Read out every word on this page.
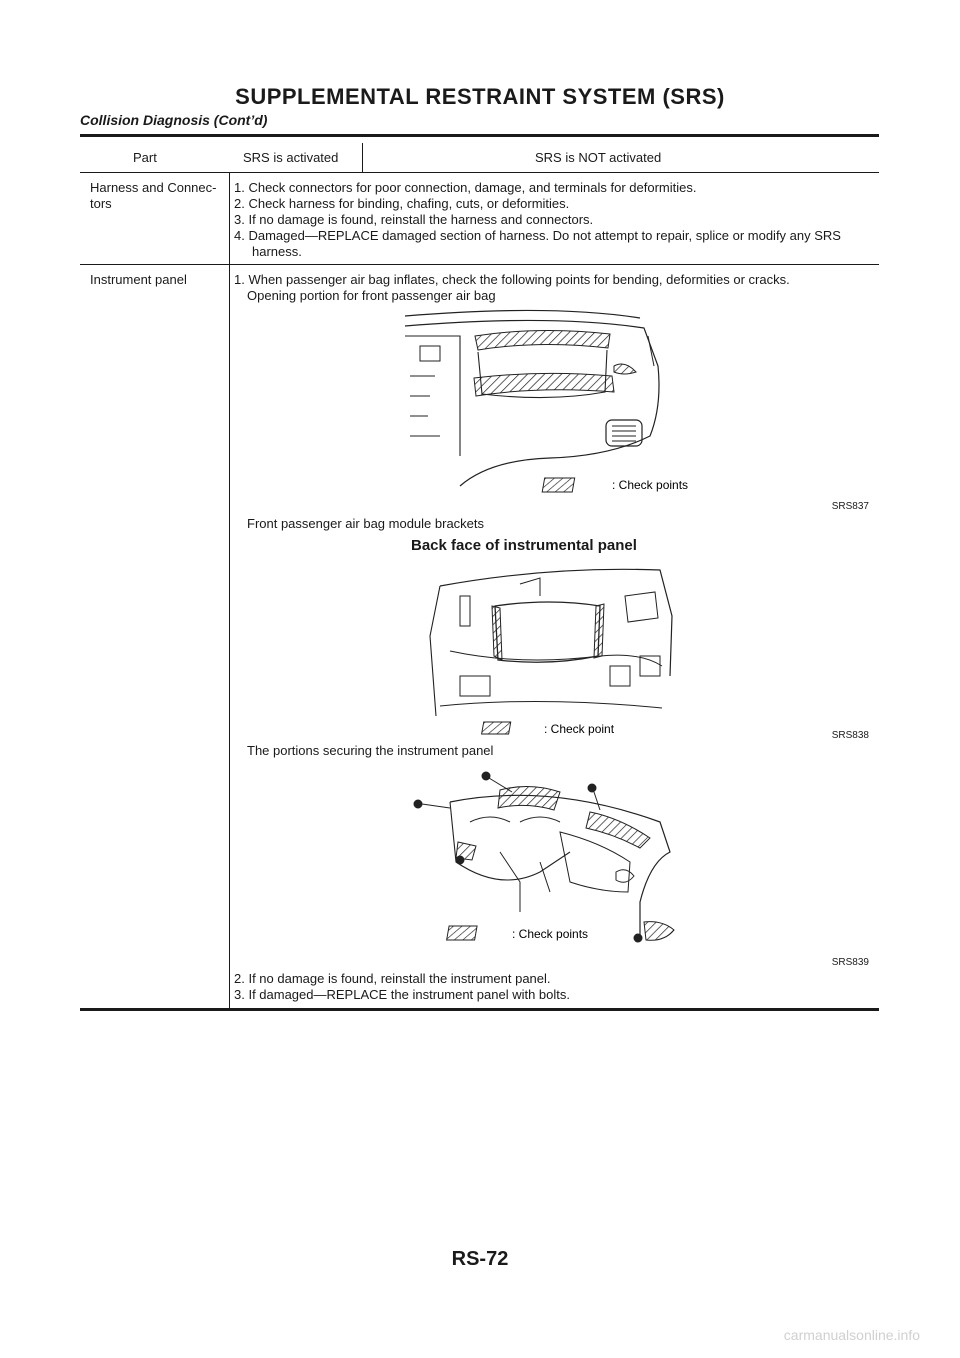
SUPPLEMENTAL RESTRAINT SYSTEM (SRS)
Collision Diagnosis (Cont’d)
Part	SRS is activated	SRS is NOT activated
Harness and Connec-
tors
1. Check connectors for poor connection, damage, and terminals for deformities.
2. Check harness for binding, chafing, cuts, or deformities.
3. If no damage is found, reinstall the harness and connectors.
4. Damaged—REPLACE damaged section of harness. Do not attempt to repair, splice or modify any SRS harness.
Instrument panel	1. When passenger air bag inflates, check the following points for bending, deformities or cracks.
Opening portion for front passenger air bag
: Check points
SRS837
Front passenger air bag module brackets
Back face of instrumental panel
: Check point	SRS838
The portions securing the instrument panel
: Check points
SRS839
2. If no damage is found, reinstall the instrument panel.
3. If damaged—REPLACE the instrument panel with bolts.
RS-72
carmanualsonline.info
